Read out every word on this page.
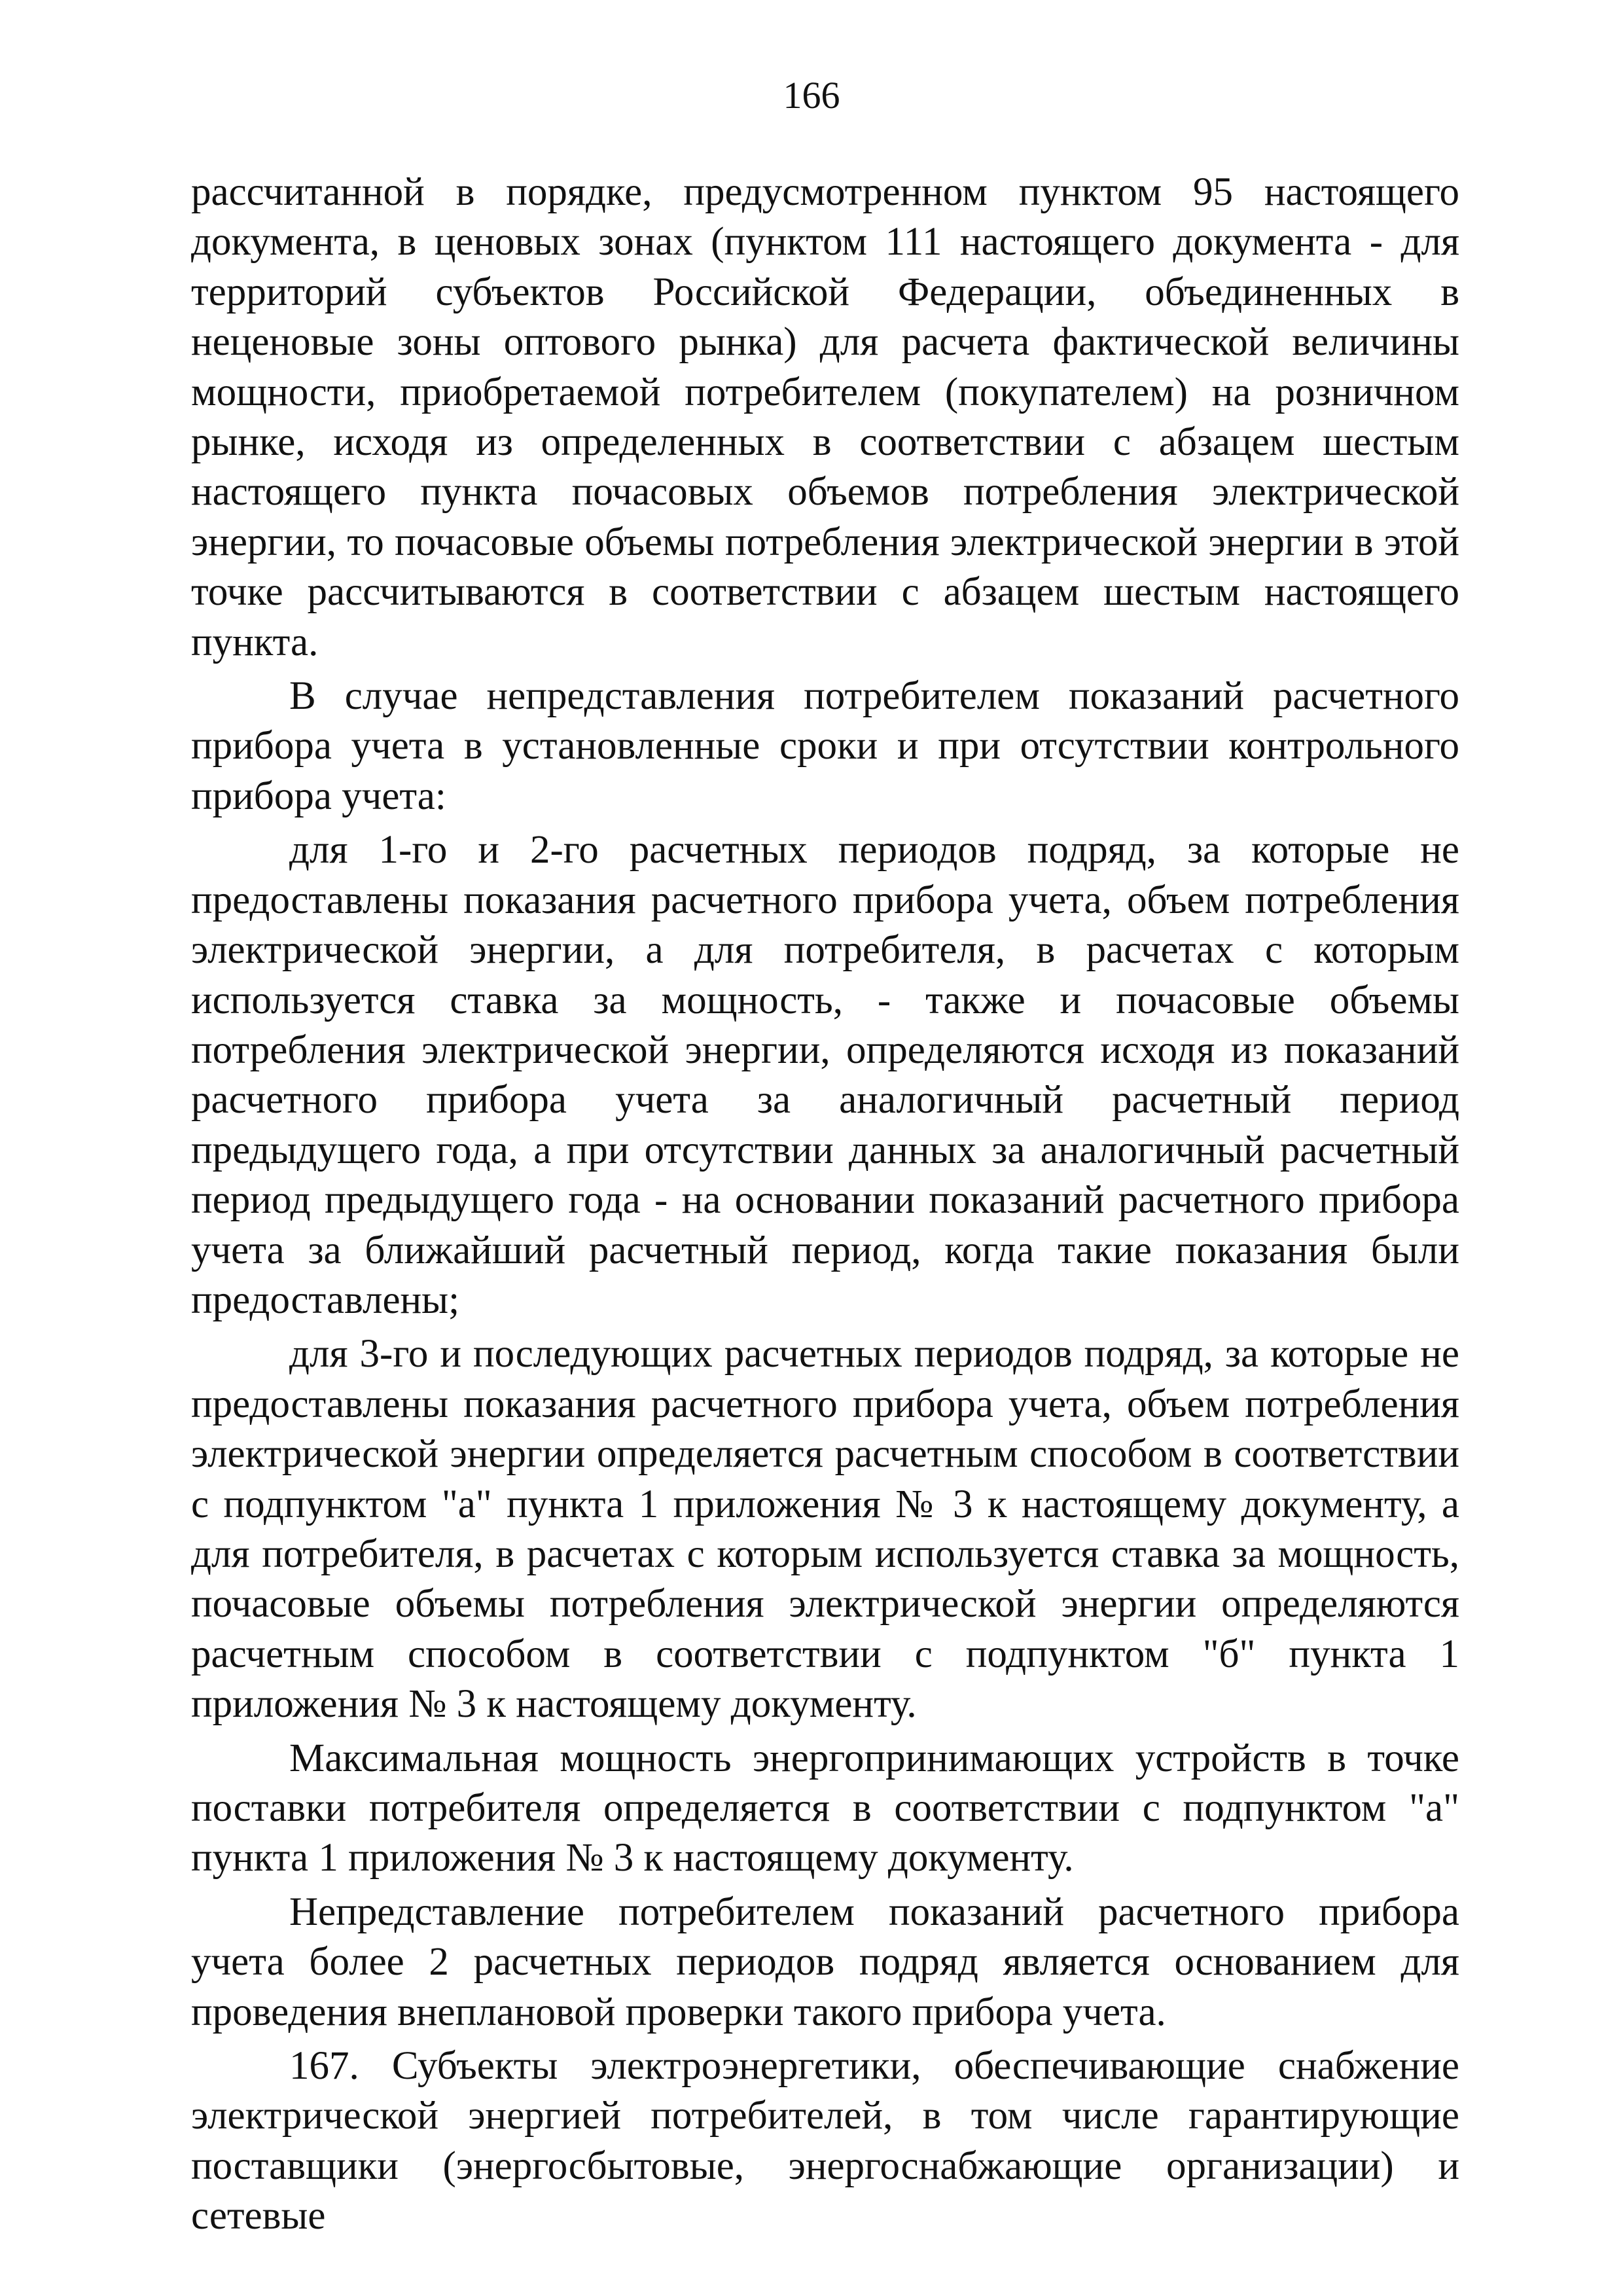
166

рассчитанной в порядке, предусмотренном пунктом 95 настоящего документа, в ценовых зонах (пунктом 111 настоящего документа - для территорий субъектов Российской Федерации, объединенных в неценовые зоны оптового рынка) для расчета фактической величины мощности, приобретаемой потребителем (покупателем) на розничном рынке, исходя из определенных в соответствии с абзацем шестым настоящего пункта почасовых объемов потребления электрической энергии, то почасовые объемы потребления электрической энергии в этой точке рассчитываются в соответствии с абзацем шестым настоящего пункта.

В случае непредставления потребителем показаний расчетного прибора учета в установленные сроки и при отсутствии контрольного прибора учета:

для 1-го и 2-го расчетных периодов подряд, за которые не предоставлены показания расчетного прибора учета, объем потребления электрической энергии, а для потребителя, в расчетах с которым используется ставка за мощность, - также и почасовые объемы потребления электрической энергии, определяются исходя из показаний расчетного прибора учета за аналогичный расчетный период предыдущего года, а при отсутствии данных за аналогичный расчетный период предыдущего года - на основании показаний расчетного прибора учета за ближайший расчетный период, когда такие показания были предоставлены;

для 3-го и последующих расчетных периодов подряд, за которые не предоставлены показания расчетного прибора учета, объем потребления электрической энергии определяется расчетным способом в соответствии с подпунктом "а" пункта 1 приложения № 3 к настоящему документу, а для потребителя, в расчетах с которым используется ставка за мощность, почасовые объемы потребления электрической энергии определяются расчетным способом в соответствии с подпунктом "б" пункта 1 приложения № 3 к настоящему документу.

Максимальная мощность энергопринимающих устройств в точке поставки потребителя определяется в соответствии с подпунктом "а" пункта 1 приложения № 3 к настоящему документу.

Непредставление потребителем показаний расчетного прибора учета более 2 расчетных периодов подряд является основанием для проведения внеплановой проверки такого прибора учета.

167. Субъекты электроэнергетики, обеспечивающие снабжение электрической энергией потребителей, в том числе гарантирующие поставщики (энергосбытовые, энергоснабжающие организации) и сетевые
